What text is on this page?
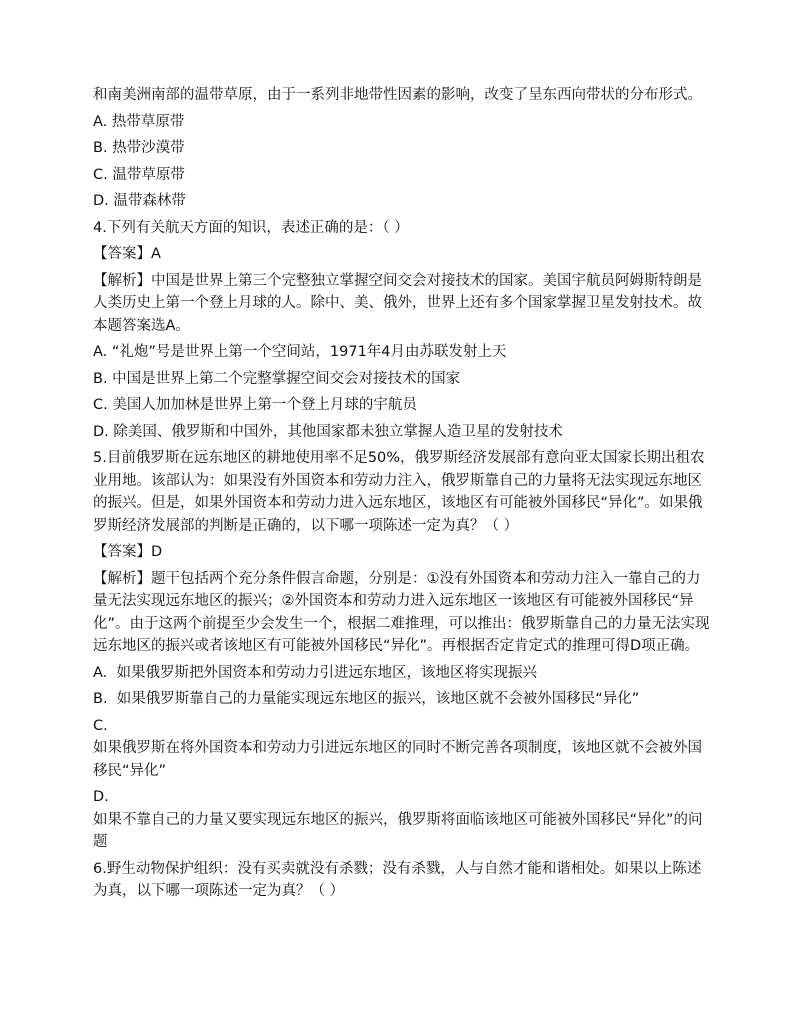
和南美洲南部的温带草原，由于一系列非地带性因素的影响，改变了呈东西向带状的分布形式。

A. 热带草原带

B. 热带沙漠带

C. 温带草原带

D. 温带森林带

4.下列有关航天方面的知识，表述正确的是：（ ）

【答案】A

【解析】中国是世界上第三个完整独立掌握空间交会对接技术的国家。美国宇航员阿姆斯特朗是人类历史上第一个登上月球的人。除中、美、俄外，世界上还有多个国家掌握卫星发射技术。故本题答案选A。

A. “礼炮”号是世界上第一个空间站，1971年4月由苏联发射上天

B. 中国是世界上第二个完整掌握空间交会对接技术的国家

C. 美国人加加林是世界上第一个登上月球的宇航员

D. 除美国、俄罗斯和中国外，其他国家都未独立掌握人造卫星的发射技术

5.目前俄罗斯在远东地区的耕地使用率不足50%，俄罗斯经济发展部有意向亚太国家长期出租农业用地。该部认为：如果没有外国资本和劳动力注入，俄罗斯靠自己的力量将无法实现远东地区的振兴。但是，如果外国资本和劳动力进入远东地区，该地区有可能被外国移民“异化”。如果俄罗斯经济发展部的判断是正确的，以下哪一项陈述一定为真？（ ）

【答案】D

【解析】题干包括两个充分条件假言命题，分别是：①没有外国资本和劳动力注入一靠自己的力量无法实现远东地区的振兴；②外国资本和劳动力进入远东地区一该地区有可能被外国移民“异化”。由于这两个前提至少会发生一个，根据二难推理，可以推出：俄罗斯靠自己的力量无法实现远东地区的振兴或者该地区有可能被外国移民“异化”。再根据否定肯定式的推理可得D项正确。

A. 如果俄罗斯把外国资本和劳动力引进远东地区，该地区将实现振兴

B. 如果俄罗斯靠自己的力量能实现远东地区的振兴，该地区就不会被外国移民“异化”

C.
如果俄罗斯在将外国资本和劳动力引进远东地区的同时不断完善各项制度，该地区就不会被外国移民“异化”
D.
如果不靠自己的力量又要实现远东地区的振兴，俄罗斯将面临该地区可能被外国移民“异化”的问题

6.野生动物保护组织：没有买卖就没有杀戮；没有杀戮，人与自然才能和谐相处。如果以上陈述为真，以下哪一项陈述一定为真？（ ）
